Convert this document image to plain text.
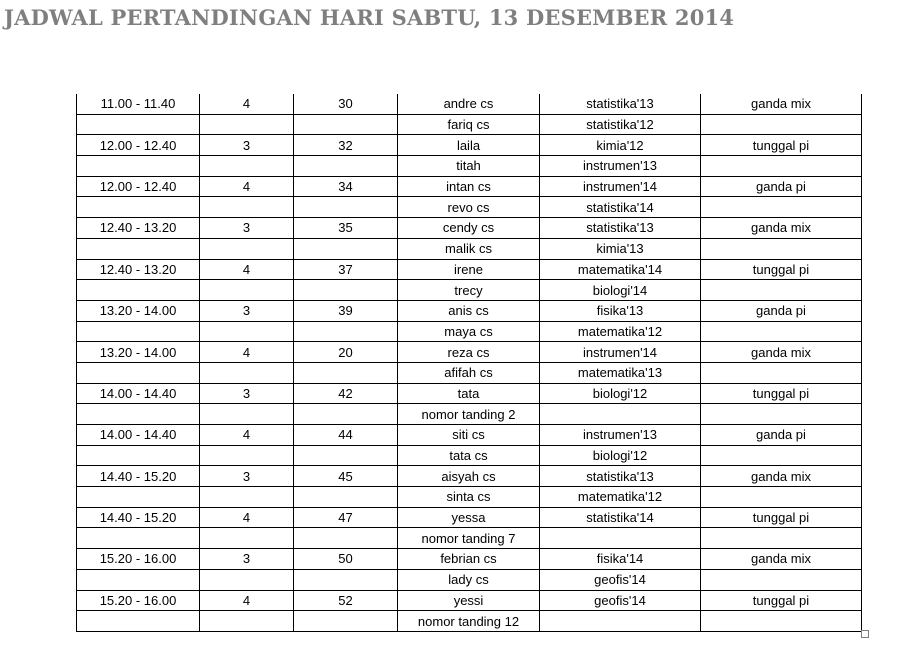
JADWAL PERTANDINGAN HARI SABTU, 13 DESEMBER 2014
11.00 - 11.40	4	30	andre cs	statistika'13	ganda mix
			fariq cs	statistika'12	
12.00 - 12.40	3	32	laila	kimia'12	tunggal pi
			titah	instrumen'13	
12.00 - 12.40	4	34	intan cs	instrumen'14	ganda pi
			revo cs	statistika'14	
12.40 - 13.20	3	35	cendy cs	statistika'13	ganda mix
			malik cs	kimia'13	
12.40 - 13.20	4	37	irene	matematika'14	tunggal pi
			trecy	biologi'14	
13.20 - 14.00	3	39	anis cs	fisika'13	ganda pi
			maya cs	matematika'12	
13.20 - 14.00	4	20	reza cs	instrumen'14	ganda mix
			afifah cs	matematika'13	
14.00 - 14.40	3	42	tata	biologi'12	tunggal pi
			nomor tanding 2		
14.00 - 14.40	4	44	siti cs	instrumen'13	ganda pi
			tata cs	biologi'12	
14.40 - 15.20	3	45	aisyah cs	statistika'13	ganda mix
			sinta cs	matematika'12	
14.40 - 15.20	4	47	yessa	statistika'14	tunggal pi
			nomor tanding 7		
15.20 - 16.00	3	50	febrian cs	fisika'14	ganda mix
			lady cs	geofis'14	
15.20 - 16.00	4	52	yessi	geofis'14	tunggal pi
			nomor tanding 12		
